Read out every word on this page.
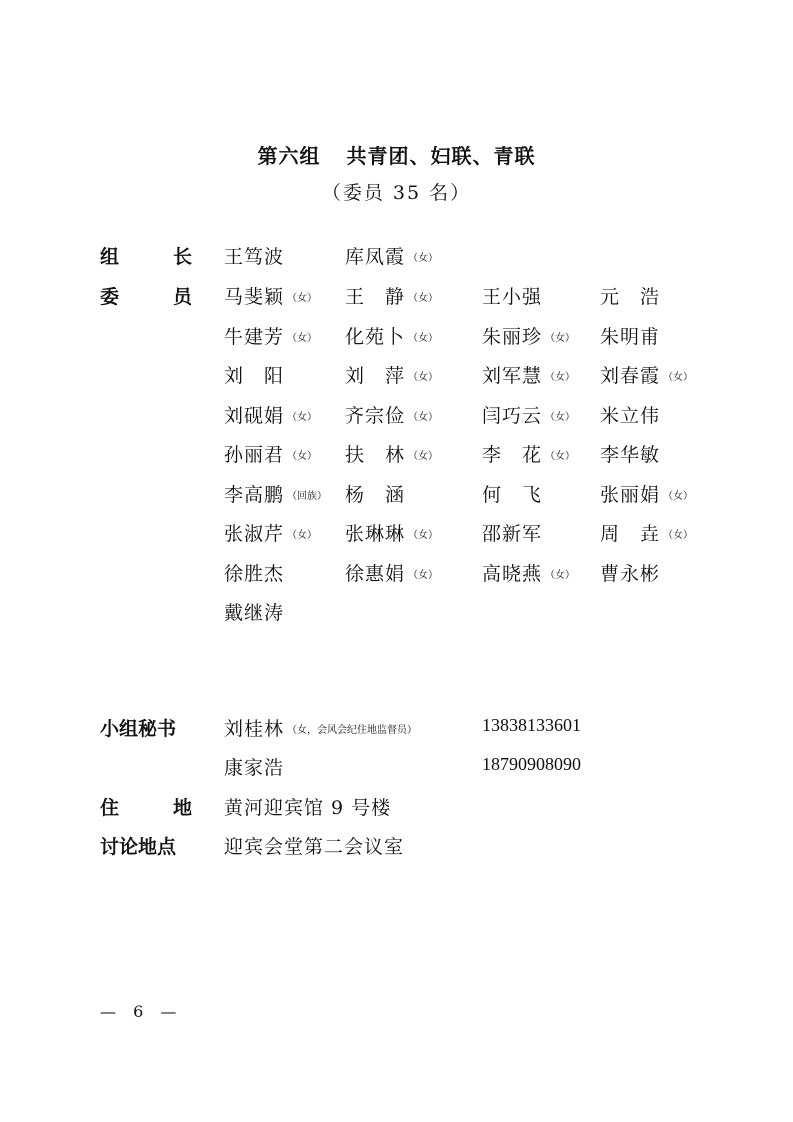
第六组 共青团、妇联、青联
（委员 35 名）
组	长 王笃波	库凤霞 （女）
委	员 马斐颖 （女） 王　静 （女） 王小强	元　浩
牛建芳 （女） 化苑卜 （女） 朱丽珍 （女） 朱明甫
刘　阳	刘　萍 （女） 刘军慧 （女） 刘春霞 （女）
刘砚娟 （女） 齐宗俭 （女） 闫巧云 （女） 米立伟
孙丽君 （女） 扶　林 （女） 李　花 （女） 李华敏
李高鹏 （回族） 杨　涵	何　飞	张丽娟 （女）
张淑芹 （女） 张琳琳 （女） 邵新军	周　垚 （女）
徐胜杰	徐惠娟 （女） 高晓燕 （女） 曹永彬
戴继涛
小组秘书	刘桂林 （女，会风会纪住地监督员）	13838133601
康家浩	18790908090
住	地 黄河迎宾馆 9 号楼
讨论地点	迎宾会堂第二会议室
— 6 —
